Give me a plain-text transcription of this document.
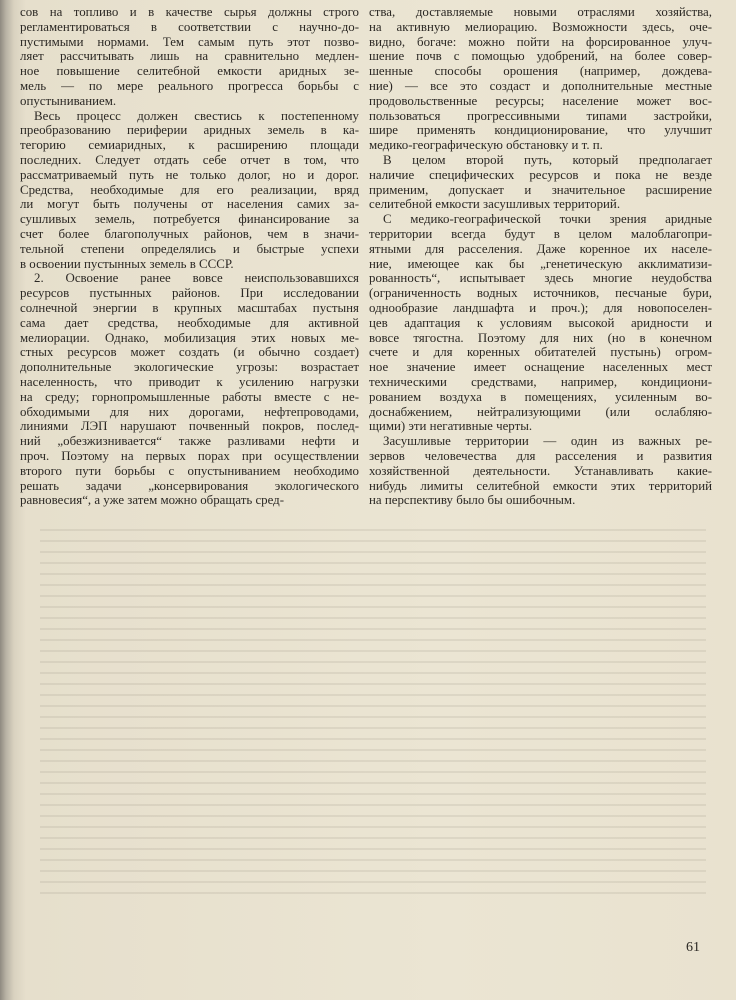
сов на топливо и в качестве сырья должны строго
регламентироваться в соответствии с научно-до-
пустимыми нормами. Тем самым путь этот позво-
ляет рассчитывать лишь на сравнительно медлен-
ное повышение селитебной емкости аридных зе-
мель — по мере реального прогресса борьбы с
опустыниванием.
Весь процесс должен свестись к постепенному
преобразованию периферии аридных земель в ка-
тегорию семиаридных, к расширению площади
последних. Следует отдать себе отчет в том, что
рассматриваемый путь не только долог, но и дорог.
Средства, необходимые для его реализации, вряд
ли могут быть получены от населения самих за-
сушливых земель, потребуется финансирование за
счет более благополучных районов, чем в значи-
тельной степени определялись и быстрые успехи
в освоении пустынных земель в СССР.
2. Освоение ранее вовсе неиспользовавшихся
ресурсов пустынных районов. При исследовании
солнечной энергии в крупных масштабах пустыня
сама дает средства, необходимые для активной
мелиорации. Однако, мобилизация этих новых ме-
стных ресурсов может создать (и обычно создает)
дополнительные экологические угрозы: возрастает
населенность, что приводит к усилению нагрузки
на среду; горнопромышленные работы вместе с не-
обходимыми для них дорогами, нефтепроводами,
линиями ЛЭП нарушают почвенный покров, послед-
ний „обезжизнивается“ также разливами нефти и
проч. Поэтому на первых порах при осуществлении
второго пути борьбы с опустыниванием необходимо
решать задачи „консервирования экологического
равновесия“, а уже затем можно обращать сред-
ства, доставляемые новыми отраслями хозяйства,
на активную мелиорацию. Возможности здесь, оче-
видно, богаче: можно пойти на форсированное улуч-
шение почв с помощью удобрений, на более совер-
шенные способы орошения (например, дождева-
ние) — все это создаст и дополнительные местные
продовольственные ресурсы; население может вос-
пользоваться прогрессивными типами застройки,
шире применять кондиционирование, что улучшит
медико-географическую обстановку и т. п.
В целом второй путь, который предполагает
наличие специфических ресурсов и пока не везде
применим, допускает и значительное расширение
селитебной емкости засушливых территорий.
С медико-географической точки зрения аридные
территории всегда будут в целом малоблагопри-
ятными для расселения. Даже коренное их населе-
ние, имеющее как бы „генетическую акклиматизи-
рованность“, испытывает здесь многие неудобства
(ограниченность водных источников, песчаные бури,
однообразие ландшафта и проч.); для новопоселен-
цев адаптация к условиям высокой аридности и
вовсе тягостна. Поэтому для них (но в конечном
счете и для коренных обитателей пустынь) огром-
ное значение имеет оснащение населенных мест
техническими средствами, например, кондициони-
рованием воздуха в помещениях, усиленным во-
доснабжением, нейтрализующими (или ослабляю-
щими) эти негативные черты.
Засушливые территории — один из важных ре-
зервов человечества для расселения и развития
хозяйственной деятельности. Устанавливать какие-
нибудь лимиты селитебной емкости этих территорий
на перспективу было бы ошибочным.
61
